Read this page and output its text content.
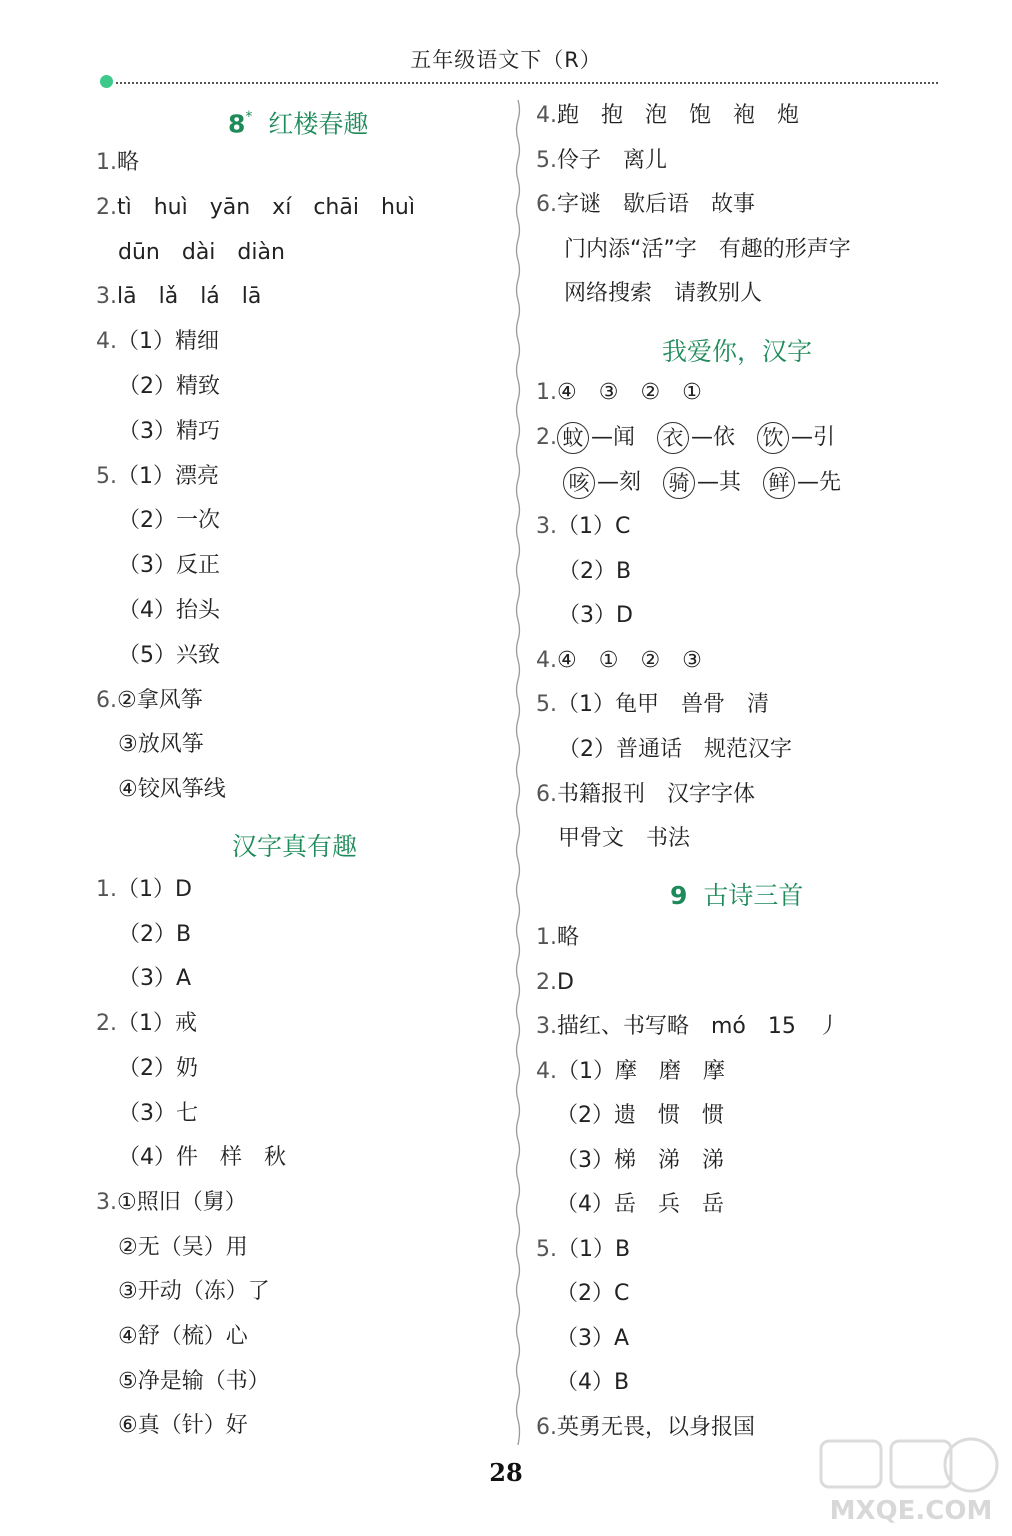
五年级语文下（R）
8* 红楼春趣
1.略
2.tì　huì　yān　xí　chāi　huì
dūn　dài　diàn
3.lā　lǎ　lá　lā
4.（1）精细
（2）精致
（3）精巧
5.（1）漂亮
（2）一次
（3）反正
（4）抬头
（5）兴致
6.②拿风筝
③放风筝
④铰风筝线
汉字真有趣
1.（1）D
（2）B
（3）A
2.（1）戒
（2）奶
（3）七
（4）件　样　秋
3.①照旧（舅）
②无（吴）用
③开动（冻）了
④舒（梳）心
⑤净是输（书）
⑥真（针）好
4.跑　抱　泡　饱　袍　炮
5.伶子　离儿
6.字谜　歇后语　故事
门内添“活”字　有趣的形声字
网络搜索　请教别人
我爱你，汉字
1.④　③　②　①
2. 蚊 —闻 衣 —依 饮 —引
咳 —刻 骑 —其 鲜 —先
3.（1）C
（2）B
（3）D
4.④　①　②　③
5.（1）龟甲　兽骨　清
（2）普通话　规范汉字
6.书籍报刊　汉字字体
甲骨文　书法
9 古诗三首
1.略
2.D
3.描红、书写略　mó　15　丿
4.（1）摩　磨　摩
（2）遗　惯　惯
（3）梯　涕　涕
（4）岳　兵　岳
5.（1）B
（2）C
（3）A
（4）B
6.英勇无畏，以身报国
28
MXQE.COM
